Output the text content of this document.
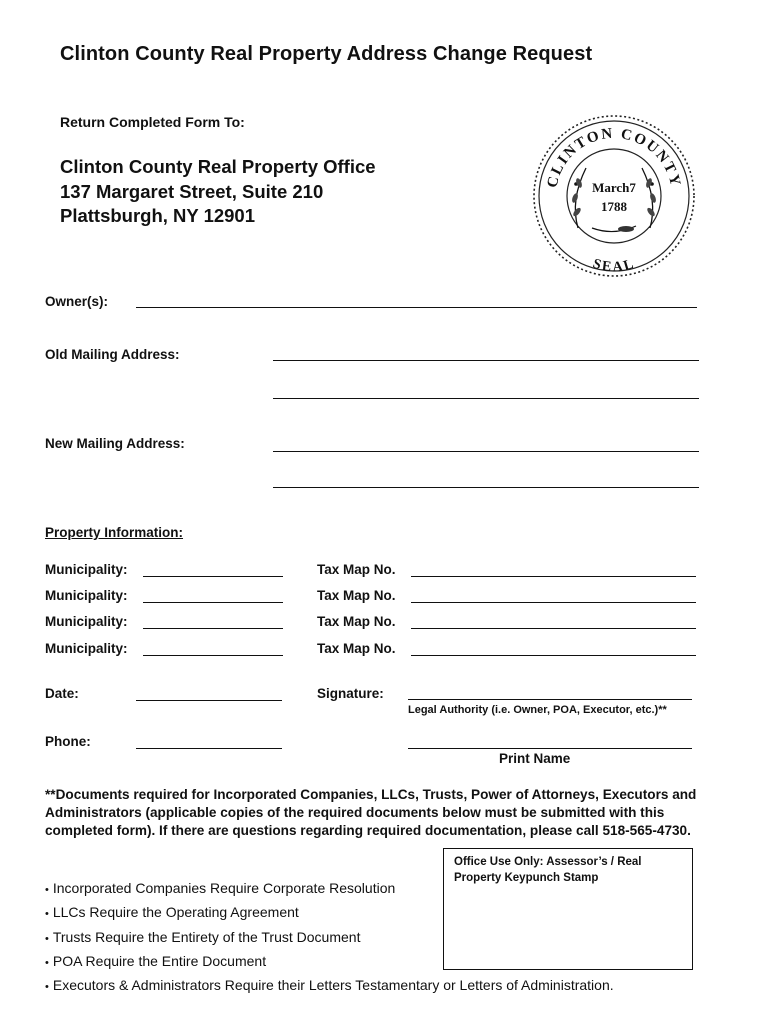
Clinton County Real Property Address Change Request
Return Completed Form To:
Clinton County Real Property Office
137 Margaret Street, Suite 210
Plattsburgh, NY 12901
CLINTON COUNTY
SEAL
March7
1788
Owner(s):
Old Mailing Address:
New Mailing Address:
Property Information:
Municipality:	Tax Map No.
Municipality:	Tax Map No.
Municipality:	Tax Map No.
Municipality:	Tax Map No.
Date:	Signature:
Legal Authority (i.e. Owner, POA, Executor, etc.)**
Phone:
Print Name
**Documents required for Incorporated Companies, LLCs, Trusts, Power of Attorneys, Executors and Administrators (applicable copies of the required documents below must be submitted with this completed form). If there are questions regarding required documentation, please call 518-565-4730.
• Incorporated Companies Require Corporate Resolution
• LLCs Require the Operating Agreement
• Trusts Require the Entirety of the Trust Document
• POA Require the Entire Document
• Executors & Administrators Require their Letters Testamentary or Letters of Administration.
Office Use Only: Assessor’s / Real Property Keypunch Stamp
